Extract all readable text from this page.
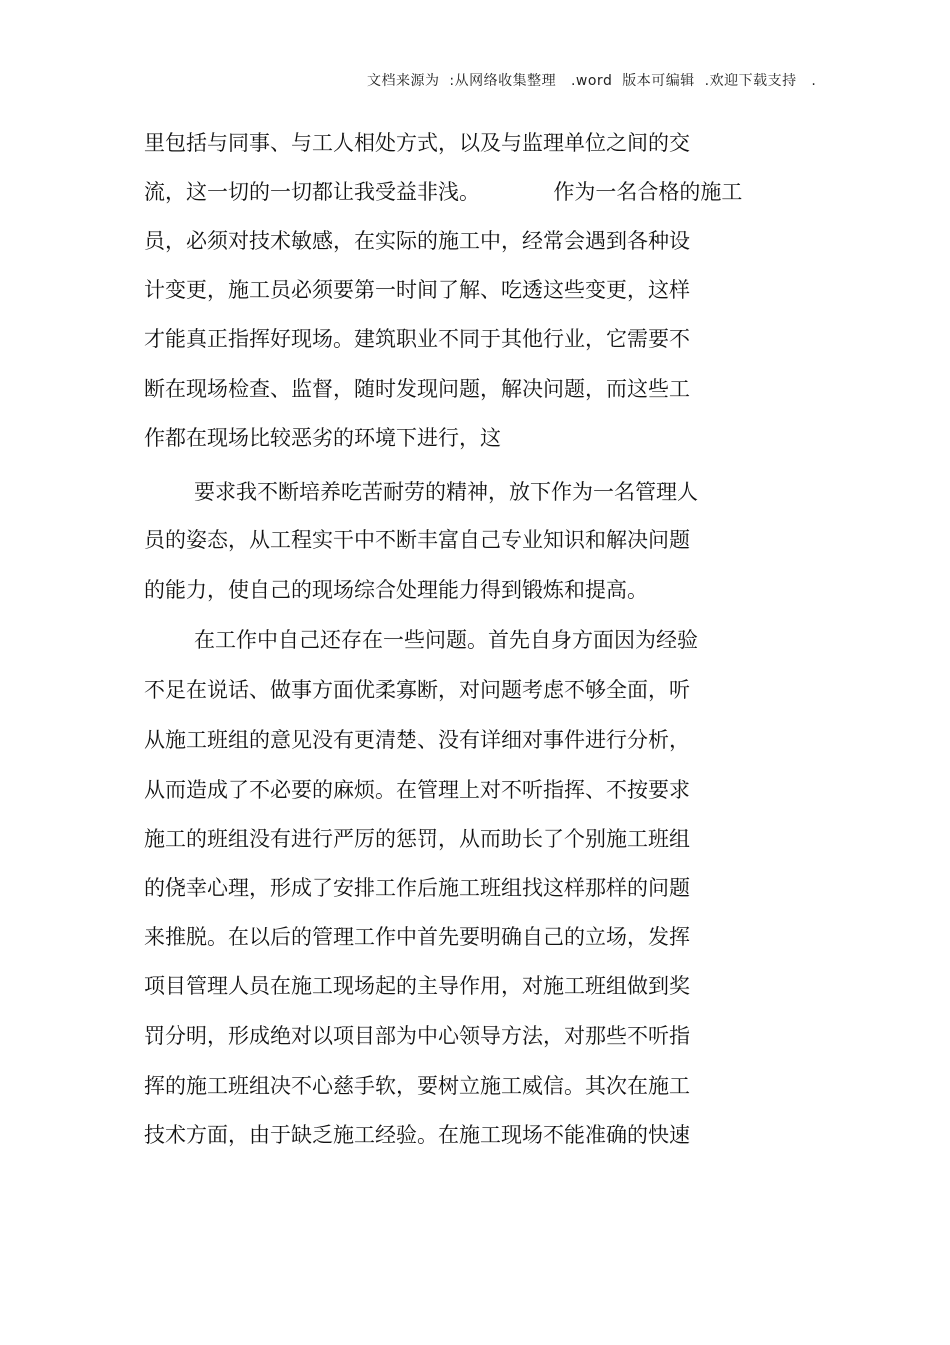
文档来源为  :从网络收集整理   .word  版本可编辑  .欢迎下载支持   .
里包括与同事、与工人相处方式，以及与监理单位之间的交
流，这一切的一切都让我受益非浅。           作为一名合格的施工
员，必须对技术敏感，在实际的施工中，经常会遇到各种设
计变更，施工员必须要第一时间了解、吃透这些变更，这样
才能真正指挥好现场。建筑职业不同于其他行业，它需要不
断在现场检查、监督，随时发现问题，解决问题，而这些工
作都在现场比较恶劣的环境下进行，这
要求我不断培养吃苦耐劳的精神，放下作为一名管理人
员的姿态，从工程实干中不断丰富自己专业知识和解决问题
的能力，使自己的现场综合处理能力得到锻炼和提高。
在工作中自己还存在一些问题。首先自身方面因为经验
不足在说话、做事方面优柔寡断，对问题考虑不够全面，听
从施工班组的意见没有更清楚、没有详细对事件进行分析，
从而造成了不必要的麻烦。在管理上对不听指挥、不按要求
施工的班组没有进行严厉的惩罚，从而助长了个别施工班组
的侥幸心理，形成了安排工作后施工班组找这样那样的问题
来推脱。在以后的管理工作中首先要明确自己的立场，发挥
项目管理人员在施工现场起的主导作用，对施工班组做到奖
罚分明，形成绝对以项目部为中心领导方法，对那些不听指
挥的施工班组决不心慈手软，要树立施工威信。其次在施工
技术方面，由于缺乏施工经验。在施工现场不能准确的快速
